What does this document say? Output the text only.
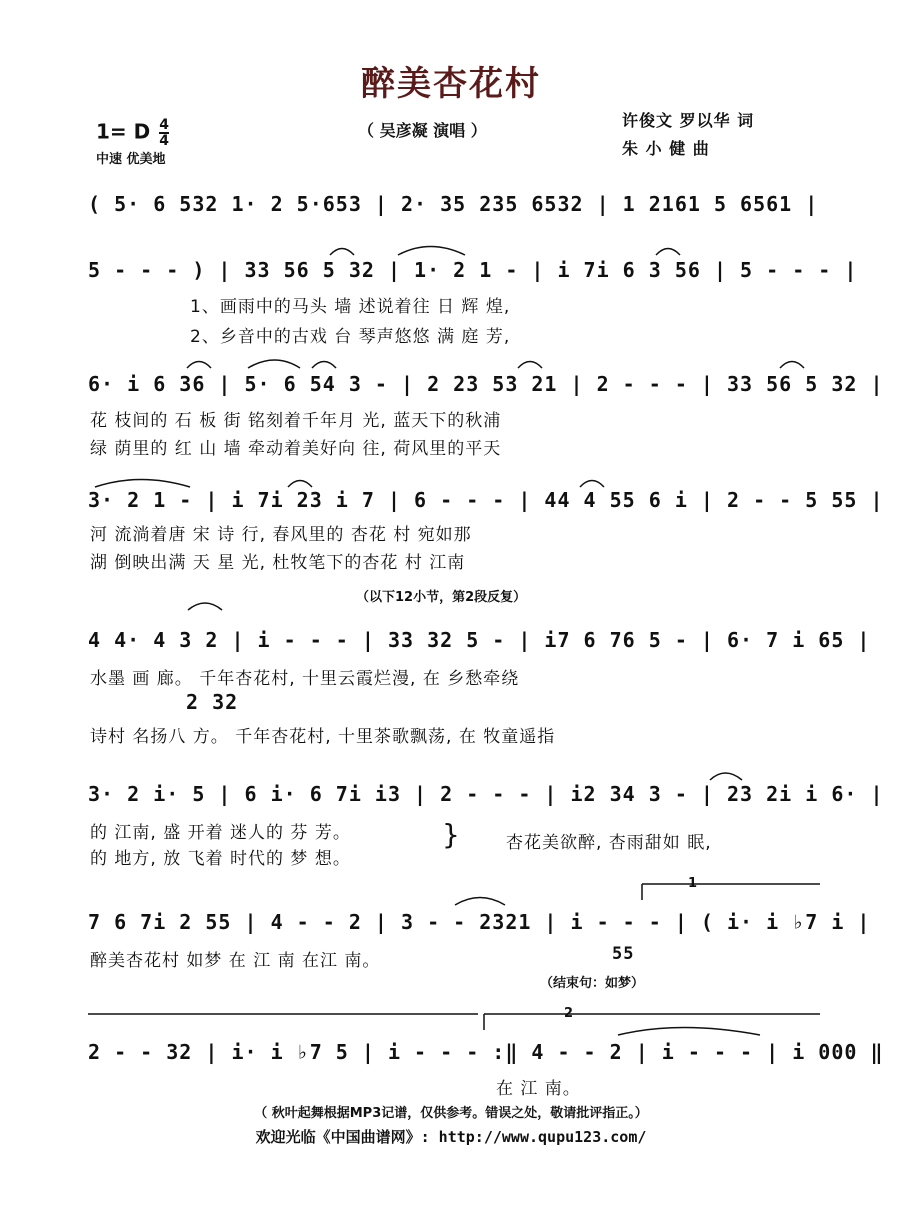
醉美杏花村
1= D $\frac{4}{4}$
中速 优美地
（ 吴彦凝 演唱 ）
许俊文 罗以华 词
朱 小 健 曲
( 5· 6 532 1· 2 5·653 | 2· 35 235 6532 | 1 2161 5 6561 |
5 - - - ) | 33 56 5 32 | 1· 2 1 - | i 7i 6 3 56 | 5 - - - |
1、画雨中的马头 墙 述说着往 日 辉 煌,
2、乡音中的古戏 台 琴声悠悠 满 庭 芳,
6· i 6 36 | 5· 6 54 3 - | 2 23 53 21 | 2 - - - | 33 56 5 32 |
花 枝间的 石 板 街 铭刻着千年月 光, 蓝天下的秋浦
绿 荫里的 红 山 墙 牵动着美好向 往, 荷风里的平天
3· 2 1 - | i 7i 23 i 7 | 6 - - - | 44 4 55 6 i | 2 - - 5 55 |
河 流淌着唐 宋 诗 行, 春风里的 杏花 村 宛如那
湖 倒映出满 天 星 光, 杜牧笔下的杏花 村 江南
（以下12小节，第2段反复）
4 4· 4 3 2 | i - - - | 33 32 5 - | i7 6 76 5 - | 6· 7 i 65 |
水墨 画 廊。 千年杏花村, 十里云霞烂漫, 在 乡愁牵绕
2 32
诗村 名扬八 方。 千年杏花村, 十里茶歌飘荡, 在 牧童遥指
3· 2 i· 5 | 6 i· 6 7i i3 | 2 - - - | i2 34 3 - | 23 2i i 6· |
的 江南, 盛 开着 迷人的 芬 芳。
的 地方, 放 飞着 时代的 梦 想。
}	杏花美欲醉, 杏雨甜如 眠,
1
7 6 7i 2 55 | 4 - - 2 | 3 - - 2321 | i - - - | ( i· i ♭7 i |
醉美杏花村 如梦 在 江 南 在江 南。	55
（结束句：如梦）
2
2 - - 32 | i· i ♭7 5 | i - - - :‖ 4 - - 2 | i - - - | i 000 ‖
在 江 南。
（ 秋叶起舞根据MP3记谱，仅供参考。错误之处，敬请批评指正。）
欢迎光临《中国曲谱网》: http://www.qupu123.com/
